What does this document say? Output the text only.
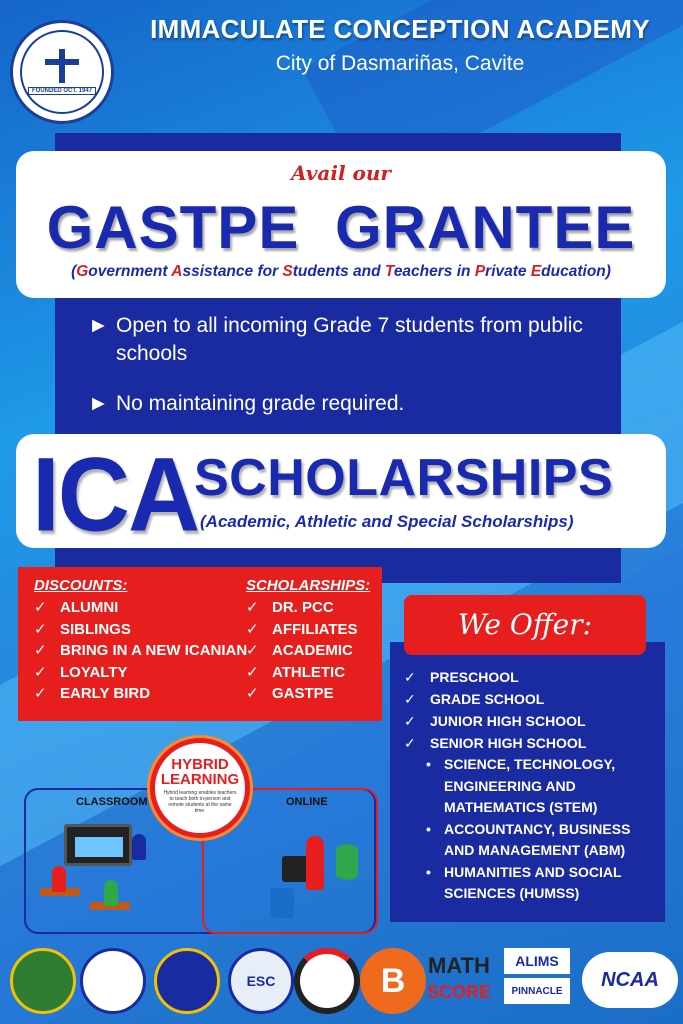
FOUNDED OCT. 1947
IMMACULATE CONCEPTION ACADEMY
City of Dasmariñas, Cavite
Avail our
GASTPE GRANTEE
(Government Assistance for Students and Teachers in Private Education)
► Open to all incoming Grade 7 students from public schools
► No maintaining grade required.
ICA
SCHOLARSHIPS
(Academic, Athletic and Special Scholarships)
DISCOUNTS:
✓ ALUMNI
✓ SIBLINGS
✓ BRING IN A NEW ICANIAN
✓ LOYALTY
✓ EARLY BIRD
SCHOLARSHIPS:
✓ DR. PCC
✓ AFFILIATES
✓ ACADEMIC
✓ ATHLETIC
✓ GASTPE
✓ PRESCHOOL
✓ GRADE SCHOOL
✓ JUNIOR HIGH SCHOOL
✓ SENIOR HIGH SCHOOL
• SCIENCE, TECHNOLOGY, ENGINEERING AND MATHEMATICS (STEM)
• ACCOUNTANCY, BUSINESS AND MANAGEMENT (ABM)
• HUMANITIES AND SOCIAL SCIENCES (HUMSS)
We Offer:
CLASSROOM	ONLINE
HYBRID
LEARNING
Hybrid learning enables teachers to teach both in-person and remote students at the same time.
ESC	B	MATH
SCORE
ALIMS
PINNACLE
NCAA
